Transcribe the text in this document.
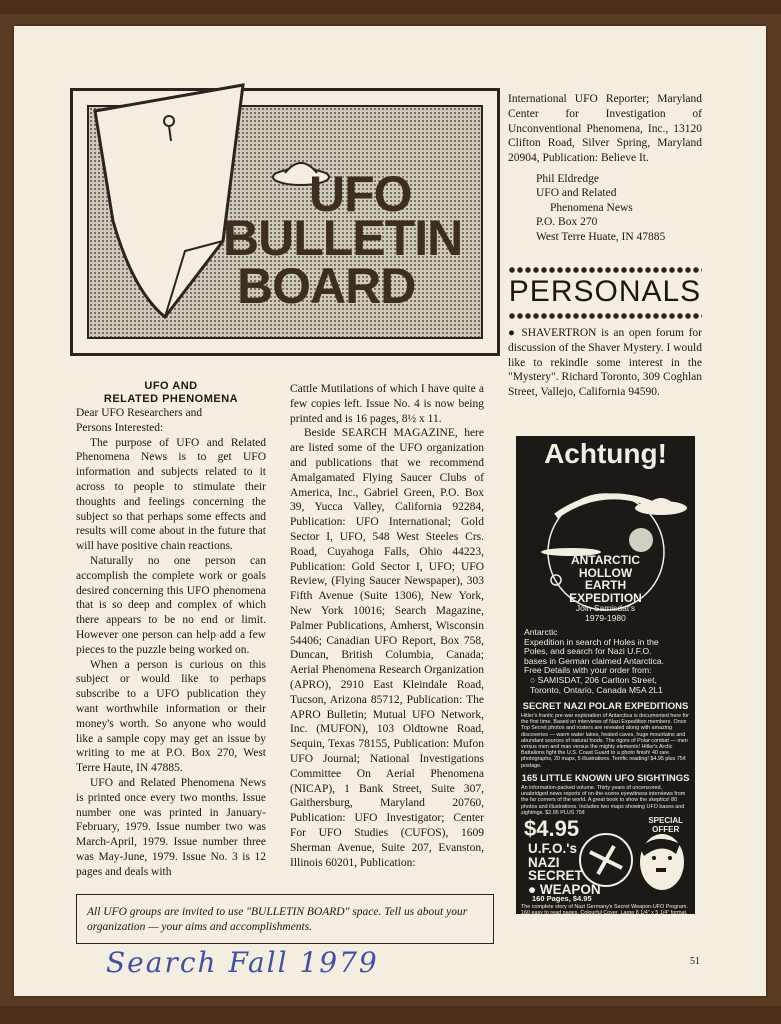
UFO
BULLETIN
BOARD
UFO AND
RELATED PHENOMENA

Dear UFO Researchers and

Persons Interested:

The purpose of UFO and Related Phenomena News is to get UFO information and subjects related to it across to people to stimulate their thoughts and feelings concerning the subject so that perhaps some effects and results will come about in the future that will have positive chain reactions.

Naturally no one person can accomplish the complete work or goals desired concerning this UFO phenomena that is so deep and complex of which there appears to be no end or limit. However one person can help add a few pieces to the puzzle being worked on.

When a person is curious on this subject or would like to perhaps subscribe to a UFO publication they want worthwhile information or their money's worth. So anyone who would like a sample copy may get an issue by writing to me at P.O. Box 270, West Terre Haute, IN 47885.

UFO and Related Phenomena News is printed once every two months. Issue number one was printed in January-February, 1979. Issue number two was March-April, 1979. Issue number three was May-June, 1979. Issue No. 3 is 12 pages and deals with

Cattle Mutilations of which I have quite a few copies left. Issue No. 4 is now being printed and is 16 pages, 8½ x 11.

Beside SEARCH MAGAZINE, here are listed some of the UFO organization and publications that we recommend Amalgamated Flying Saucer Clubs of America, Inc., Gabriel Green, P.O. Box 39, Yucca Valley, California 92284, Publication: UFO International; Gold Sector I, UFO, 548 West Steeles Crs. Road, Cuyahoga Falls, Ohio 44223, Publication: Gold Sector I, UFO; UFO Review, (Flying Saucer Newspaper), 303 Fifth Avenue (Suite 1306), New York, New York 10016; Search Magazine, Palmer Publications, Amherst, Wisconsin 54406; Canadian UFO Report, Box 758, Duncan, British Columbia, Canada; Aerial Phenomena Research Organization (APRO), 2910 East Kleindale Road, Tucson, Arizona 85712, Publication: The APRO Bulletin; Mutual UFO Network, Inc. (MUFON), 103 Oldtowne Road, Sequin, Texas 78155, Publication: Mufon UFO Journal; National Investigations Committee On Aerial Phenomena (NICAP), 1 Bank Street, Suite 307, Gaithersburg, Maryland 20760, Publication: UFO Investigator; Center For UFO Studies (CUFOS), 1609 Sherman Avenue, Suite 207, Evanston, Illinois 60201, Publication:

International UFO Reporter; Maryland Center for Investigation of Unconventional Phenomena, Inc., 13120 Clifton Road, Silver Spring, Maryland 20904, Publication: Believe It.

Phil Eldredge
UFO and Related
Phenomena News
P.O. Box 270
West Terre Huate, IN 47885
PERSONALS

● SHAVERTRON is an open forum for discussion of the Shaver Mystery. I would like to rekindle some interest in the "Mystery". Richard Toronto, 309 Coghlan Street, Vallejo, California 94590.

Achtung!
ANTARCTIC
HOLLOW
EARTH
EXPEDITION
Join Samisdat's
1979-1980
Antarctic
Expedition in search of Holes in the
Poles, and search for Nazi U.F.O.
bases in German claimed Antarctica.
Free Details with your order from:
○ SAMISDAT, 206 Carlton Street,
Toronto, Ontario, Canada M5A 2L1
SECRET NAZI POLAR EXPEDITIONS
Hitler's frantic pre-war exploration of Antarctica is documented here for the first time. Based on interviews of Nazi Expedition members. Once Top Secret photos and rosters are revealed along with amazing discoveries — warm water lakes, heated caves, huge mountains and abundant sources of natural foods. The rigors of Polar combat — men versus men and man versus the mighty elements! Hitler's Arctic Battalions fight the U.S. Coast Guard to a photo finish! 40 rare photographs, 20 maps, 5 illustrations. Terrific reading! $4.95 plus 75¢ postage.
165 LITTLE KNOWN UFO SIGHTINGS
An information-packed volume. Thirty years of uncensored, unabridged news reports of on-the-scene eyewitness interviews from the far corners of the world. A great book to show the skeptics! 80 photos and illustrations. Includes two maps showing UFO bases and sightings. $2.95 PLUS 75¢
$4.95	SPECIAL
OFFER
U.F.O.'s
NAZI
SECRET
● WEAPON
160 Pages, $4.95
The complete story of Nazi Germany's Secret Weapon-UFO Program. 160 easy to read pages. Colourful Cover. Large 8 1/4" x 5 1/4" format. 145 Photographs, 74 Engineering Drawings and Illustrations. 5 Maps (showing U.F.O. Bases, etc.) 83 Photostatically reproduced, reports of sightings from around the world. Starting from 1943 to the present. Many never before published photos and other material. This book is only sold direct by the authors-publishers. $4.95 plus 75¢ postage.
All UFO groups are invited to use "BULLETIN BOARD" space. Tell us about your organization — your aims and accomplishments.
Search Fall 1979	51
